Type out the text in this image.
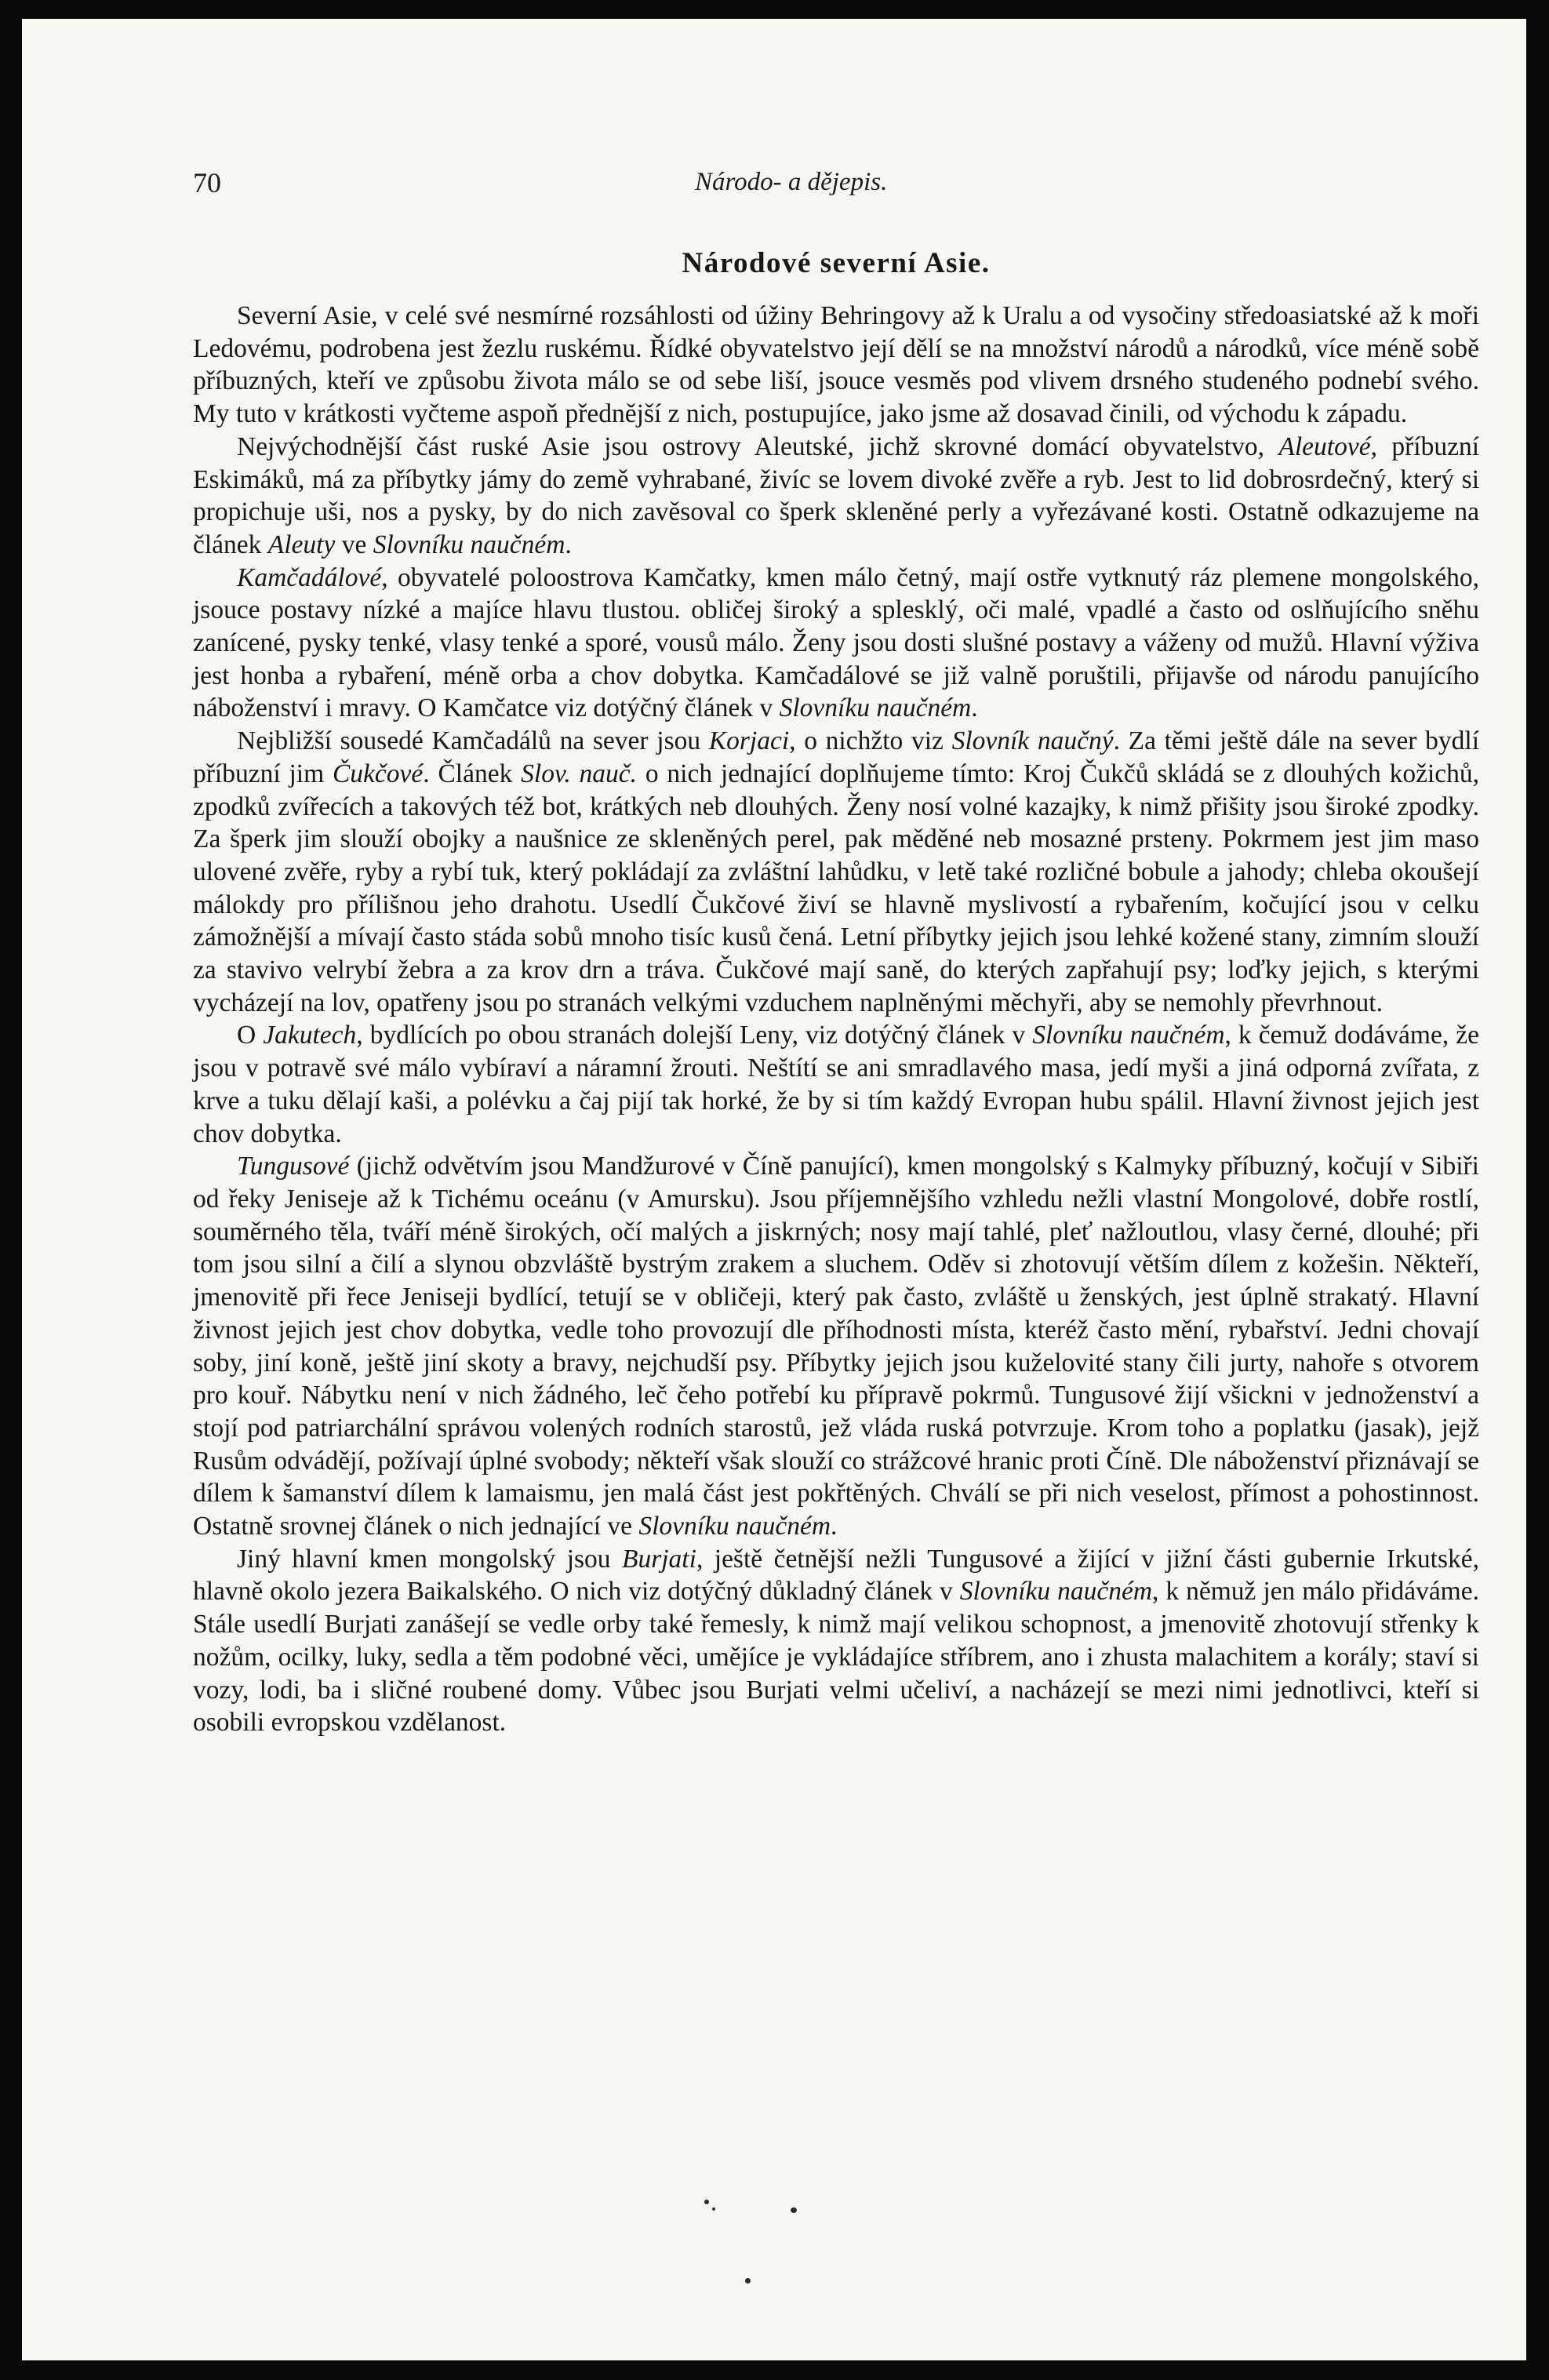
70	Národo- a dějepis.
Národové severní Asie.

Severní Asie, v celé své nesmírné rozsáhlosti od úžiny Behringovy až k Uralu a od vysočiny středoasiatské až k moři Ledovému, podrobena jest žezlu ruskému. Řídké obyvatelstvo její dělí se na množství národů a národků, více méně sobě příbuzných, kteří ve způsobu života málo se od sebe liší, jsouce vesměs pod vlivem drsného studeného podnebí svého. My tuto v krátkosti vyčteme aspoň přednější z nich, postupujíce, jako jsme až dosavad činili, od východu k západu.

Nejvýchodnější část ruské Asie jsou ostrovy Aleutské, jichž skrovné domácí obyvatelstvo, Aleutové, příbuzní Eskimáků, má za příbytky jámy do země vyhrabané, živíc se lovem divoké zvěře a ryb. Jest to lid dobrosrdečný, který si propichuje uši, nos a pysky, by do nich zavěsoval co šperk skleněné perly a vyřezávané kosti. Ostatně odkazujeme na článek Aleuty ve Slovníku naučném.

Kamčadálové, obyvatelé poloostrova Kamčatky, kmen málo četný, mají ostře vytknutý ráz plemene mongolského, jsouce postavy nízké a majíce hlavu tlustou. obličej široký a splesklý, oči malé, vpadlé a často od oslňujícího sněhu zanícené, pysky tenké, vlasy tenké a sporé, vousů málo. Ženy jsou dosti slušné postavy a váženy od mužů. Hlavní výživa jest honba a rybaření, méně orba a chov dobytka. Kamčadálové se již valně poruštili, přijavše od národu panujícího náboženství i mravy. O Kamčatce viz dotýčný článek v Slovníku naučném.

Nejbližší sousedé Kamčadálů na sever jsou Korjaci, o nichžto viz Slovník naučný. Za těmi ještě dále na sever bydlí příbuzní jim Čukčové. Článek Slov. nauč. o nich jednající doplňujeme tímto: Kroj Čukčů skládá se z dlouhých kožichů, zpodků zvířecích a takových též bot, krátkých neb dlouhých. Ženy nosí volné kazajky, k nimž přišity jsou široké zpodky. Za šperk jim slouží obojky a naušnice ze skleněných perel, pak měděné neb mosazné prsteny. Pokrmem jest jim maso ulovené zvěře, ryby a rybí tuk, který pokládají za zvláštní lahůdku, v letě také rozličné bobule a jahody; chleba okoušejí málokdy pro přílišnou jeho drahotu. Usedlí Čukčové živí se hlavně myslivostí a rybařením, kočující jsou v celku zámožnější a mívají často stáda sobů mnoho tisíc kusů čená. Letní příbytky jejich jsou lehké kožené stany, zimním slouží za stavivo velrybí žebra a za krov drn a tráva. Čukčové mají saně, do kterých zapřahují psy; loďky jejich, s kterými vycházejí na lov, opatřeny jsou po stranách velkými vzduchem naplněnými měchyři, aby se nemohly převrhnout.

O Jakutech, bydlících po obou stranách dolejší Leny, viz dotýčný článek v Slovníku naučném, k čemuž dodáváme, že jsou v potravě své málo vybíraví a náramní žrouti. Neštítí se ani smradlavého masa, jedí myši a jiná odporná zvířata, z krve a tuku dělají kaši, a polévku a čaj pijí tak horké, že by si tím každý Evropan hubu spálil. Hlavní živnost jejich jest chov dobytka.

Tungusové (jichž odvětvím jsou Mandžurové v Číně panující), kmen mongolský s Kalmyky příbuzný, kočují v Sibiři od řeky Jeniseje až k Tichému oceánu (v Amursku). Jsou příjemnějšího vzhledu nežli vlastní Mongolové, dobře rostlí, souměrného těla, tváří méně širokých, očí malých a jiskrných; nosy mají tahlé, pleť nažloutlou, vlasy černé, dlouhé; při tom jsou silní a čilí a slynou obzvláště bystrým zrakem a sluchem. Oděv si zhotovují větším dílem z kožešin. Někteří, jmenovitě při řece Jeniseji bydlící, tetují se v obličeji, který pak často, zvláště u ženských, jest úplně strakatý. Hlavní živnost jejich jest chov dobytka, vedle toho provozují dle příhodnosti místa, kteréž často mění, rybařství. Jedni chovají soby, jiní koně, ještě jiní skoty a bravy, nejchudší psy. Příbytky jejich jsou kuželovité stany čili jurty, nahoře s otvorem pro kouř. Nábytku není v nich žádného, leč čeho potřebí ku přípravě pokrmů. Tungusové žijí všickni v jednoženství a stojí pod patriarchální správou volených rodních starostů, jež vláda ruská potvrzuje. Krom toho a poplatku (jasak), jejž Rusům odvádějí, požívají úplné svobody; někteří však slouží co strážcové hranic proti Číně. Dle náboženství přiznávají se dílem k šamanství dílem k lamaismu, jen malá část jest pokřtěných. Chválí se při nich veselost, přímost a pohostinnost. Ostatně srovnej článek o nich jednající ve Slovníku naučném.

Jiný hlavní kmen mongolský jsou Burjati, ještě četnější nežli Tungusové a žijící v jižní části gubernie Irkutské, hlavně okolo jezera Baikalského. O nich viz dotýčný důkladný článek v Slovníku naučném, k němuž jen málo přidáváme. Stále usedlí Burjati zanášejí se vedle orby také řemesly, k nimž mají velikou schopnost, a jmenovitě zhotovují střenky k nožům, ocilky, luky, sedla a těm podobné věci, umějíce je vykládajíce stříbrem, ano i zhusta malachitem a korály; staví si vozy, lodi, ba i sličné roubené domy. Vůbec jsou Burjati velmi učeliví, a nacházejí se mezi nimi jednotlivci, kteří si osobili evropskou vzdělanost.
